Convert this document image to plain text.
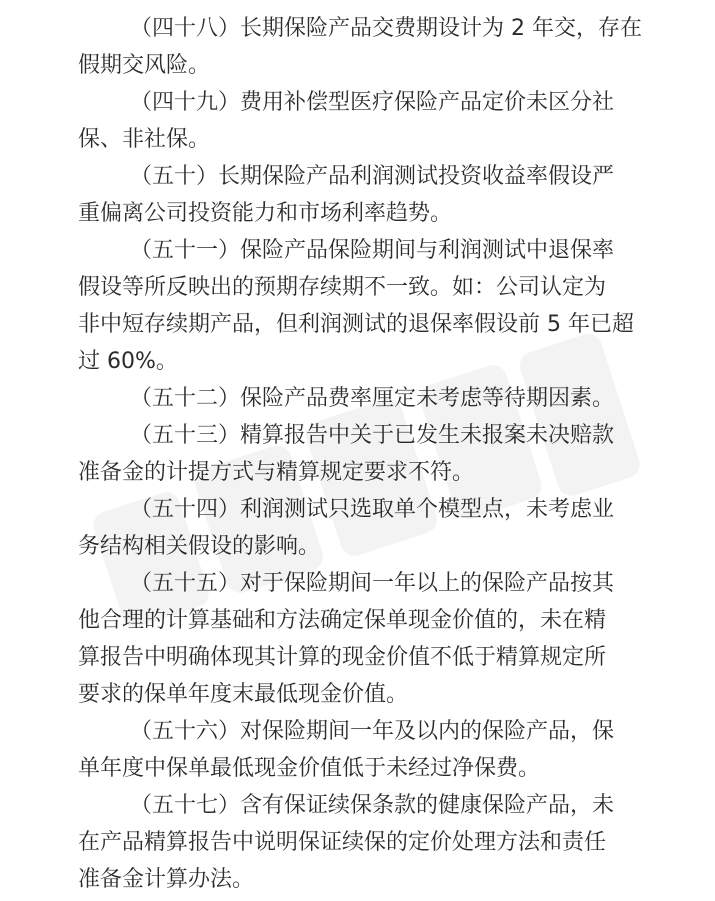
（四十八）长期保险产品交费期设计为 2 年交，存在
假期交风险。

（四十九）费用补偿型医疗保险产品定价未区分社
保、非社保。

（五十）长期保险产品利润测试投资收益率假设严
重偏离公司投资能力和市场利率趋势。

（五十一）保险产品保险期间与利润测试中退保率
假设等所反映出的预期存续期不一致。如：公司认定为
非中短存续期产品，但利润测试的退保率假设前 5 年已超
过 60%。

（五十二）保险产品费率厘定未考虑等待期因素。

（五十三）精算报告中关于已发生未报案未决赔款
准备金的计提方式与精算规定要求不符。

（五十四）利润测试只选取单个模型点，未考虑业
务结构相关假设的影响。

（五十五）对于保险期间一年以上的保险产品按其
他合理的计算基础和方法确定保单现金价值的，未在精
算报告中明确体现其计算的现金价值不低于精算规定所
要求的保单年度末最低现金价值。

（五十六）对保险期间一年及以内的保险产品，保
单年度中保单最低现金价值低于未经过净保费。

（五十七）含有保证续保条款的健康保险产品，未
在产品精算报告中说明保证续保的定价处理方法和责任
准备金计算办法。
